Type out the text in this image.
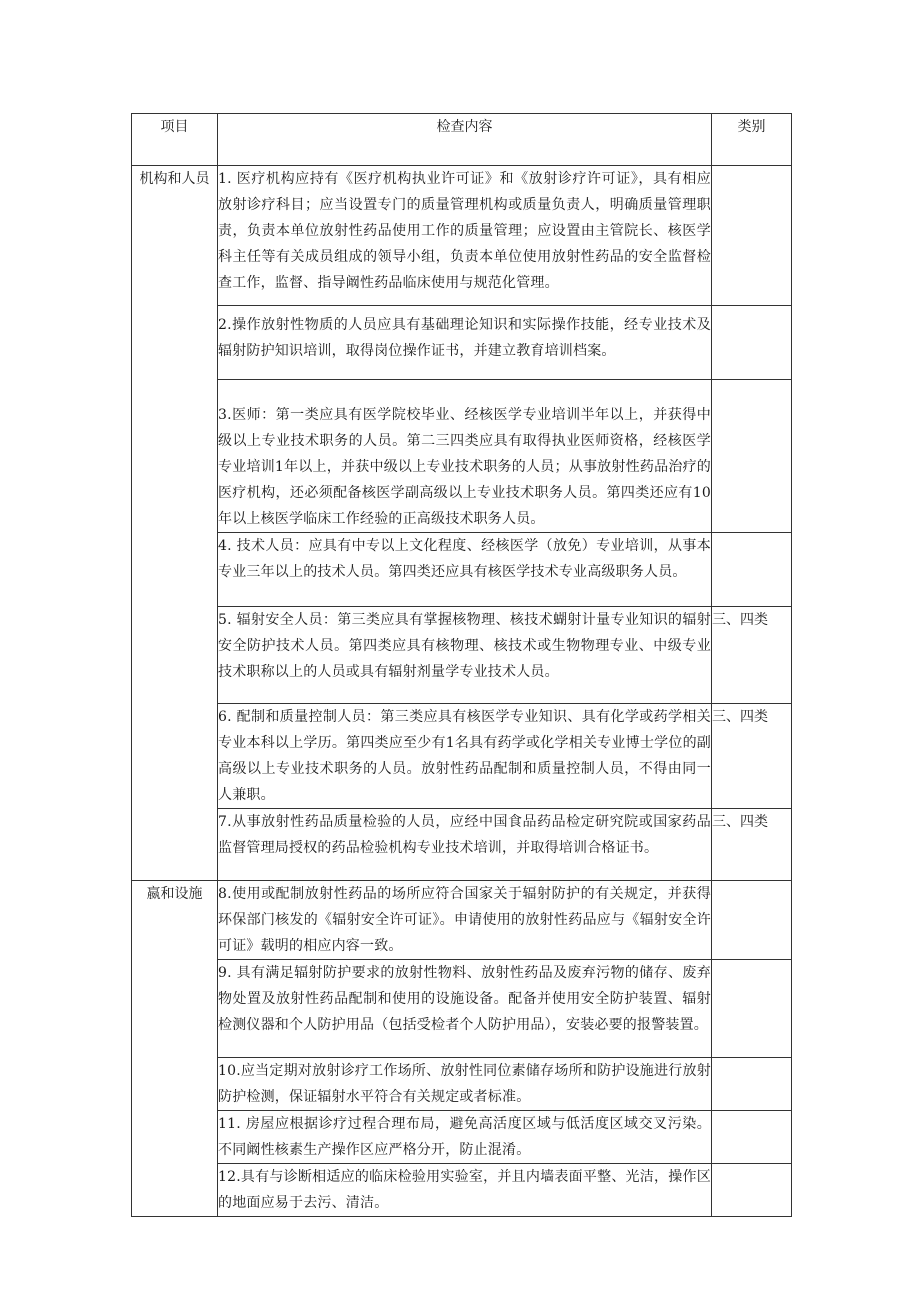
项目	检查内容	类别
机构和人员	1. 医疗机构应持有《医疗机构执业许可证》和《放射诊疗许可证》，具有相应放射诊疗科目；应当设置专门的质量管理机构或质量负责人，明确质量管理职责，负责本单位放射性药品使用工作的质量管理；应设置由主管院长、核医学科主任等有关成员组成的领导小组，负责本单位使用放射性药品的安全监督检查工作，监督、指导阚性药品临床使用与规范化管理。	
	2.操作放射性物质的人员应具有基础理论知识和实际操作技能，经专业技术及辐射防护知识培训，取得岗位操作证书，并建立教育培训档案。	
	3.医师：第一类应具有医学院校毕业、经核医学专业培训半年以上，并获得中级以上专业技术职务的人员。第二三四类应具有取得执业医师资格，经核医学专业培训1年以上，并获中级以上专业技术职务的人员；从事放射性药品治疗的医疗机构，还必须配备核医学副高级以上专业技术职务人员。第四类还应有10年以上核医学临床工作经验的正高级技术职务人员。	
	4. 技术人员：应具有中专以上文化程度、经核医学（放免）专业培训，从事本专业三年以上的技术人员。第四类还应具有核医学技术专业高级职务人员。	
	5. 辐射安全人员：第三类应具有掌握核物理、核技术蝴射计量专业知识的辐射安全防护技术人员。第四类应具有核物理、核技术或生物物理专业、中级专业技术职称以上的人员或具有辐射剂量学专业技术人员。	三、四类
	6. 配制和质量控制人员：第三类应具有核医学专业知识、具有化学或药学相关专业本科以上学历。第四类应至少有1名具有药学或化学相关专业博士学位的副高级以上专业技术职务的人员。放射性药品配制和质量控制人员，不得由同一人兼职。	三、四类
	7.从事放射性药品质量检验的人员，应经中国食品药品检定研究院或国家药品监督管理局授权的药品检验机构专业技术培训，并取得培训合格证书。	三、四类
嬴和设施	8.使用或配制放射性药品的场所应符合国家关于辐射防护的有关规定，并获得环保部门核发的《辐射安全许可证》。申请使用的放射性药品应与《辐射安全许可证》载明的相应内容一致。	
	9. 具有满足辐射防护要求的放射性物料、放射性药品及废弃污物的储存、废弃物处置及放射性药品配制和使用的设施设备。配备并使用安全防护装置、辐射检测仪器和个人防护用品（包括受检者个人防护用品），安装必要的报警装置。	
	10.应当定期对放射诊疗工作场所、放射性同位素储存场所和防护设施进行放射防护检测，保证辐射水平符合有关规定或者标准。	
	11. 房屋应根据诊疗过程合理布局，避免高活度区域与低活度区域交叉污染。不同阚性核素生产操作区应严格分开，防止混淆。	
	12.具有与诊断相适应的临床检验用实验室，并且内墙表面平整、光洁，操作区的地面应易于去污、清洁。	
